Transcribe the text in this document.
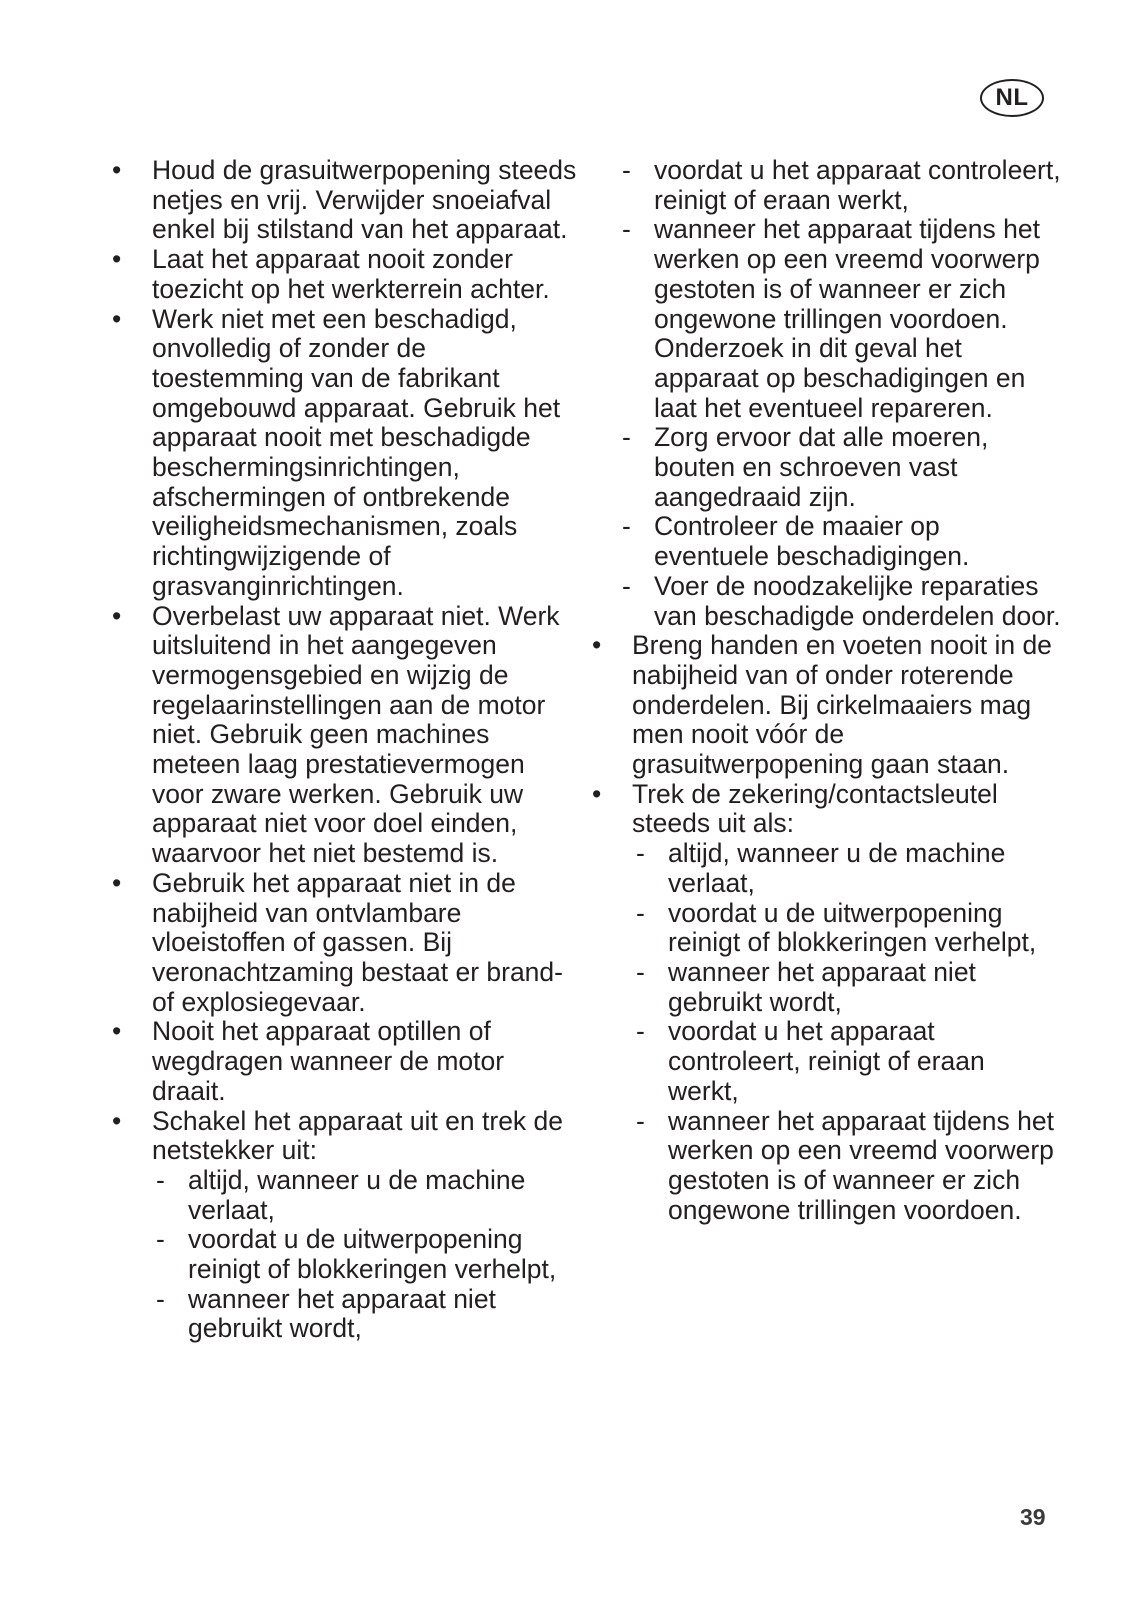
NL
•	Houd de grasuitwerpopening steeds netjes en vrij. Verwijder snoeiafval enkel bij stilstand van het apparaat.
•	Laat het apparaat nooit zonder toezicht op het werkterrein achter.
•	Werk niet met een beschadigd, onvolledig of zonder de toestemming van de fabrikant omgebouwd apparaat. Gebruik het apparaat nooit met beschadigde beschermingsinrichtingen, afschermingen of ontbrekende veiligheidsmechanismen, zoals richtingwijzigende of grasvanginrichtingen.
•	Overbelast uw apparaat niet. Werk uitsluitend in het aangegeven vermogensgebied en wijzig de regelaarinstellingen aan de motor niet. Gebruik geen machines meteen laag prestatievermogen voor zware werken. Gebruik uw apparaat niet voor doel einden, waarvoor het niet bestemd is.
•	Gebruik het apparaat niet in de nabijheid van ontvlambare vloeistoffen of gassen. Bij veronachtzaming bestaat er brand- of explosiegevaar.
•	Nooit het apparaat optillen of wegdragen wanneer de motor draait.
•	Schakel het apparaat uit en trek de netstekker uit:
- altijd, wanneer u de machine verlaat,
- voordat u de uitwerpopening reinigt of blokkeringen verhelpt,
- wanneer het apparaat niet gebruikt wordt,
- voordat u het apparaat controleert, reinigt of eraan werkt,
- wanneer het apparaat tijdens het werken op een vreemd voorwerp gestoten is of wanneer er zich ongewone trillingen voordoen. Onderzoek in dit geval het apparaat op beschadigingen en laat het eventueel repareren.
- Zorg ervoor dat alle moeren, bouten en schroeven vast aangedraaid zijn.
- Controleer de maaier op eventuele beschadigingen.
- Voer de noodzakelijke reparaties van beschadigde onderdelen door.
•	Breng handen en voeten nooit in de nabijheid van of onder roterende onderdelen. Bij cirkelmaaiers mag men nooit vóór de grasuitwerpopening gaan staan.
•	Trek de zekering/contactsleutel steeds uit als:
- altijd, wanneer u de machine verlaat,
- voordat u de uitwerpopening reinigt of blokkeringen verhelpt,
- wanneer het apparaat niet gebruikt wordt,
- voordat u het apparaat controleert, reinigt of eraan werkt,
- wanneer het apparaat tijdens het werken op een vreemd voorwerp gestoten is of wanneer er zich ongewone trillingen voordoen.
39
